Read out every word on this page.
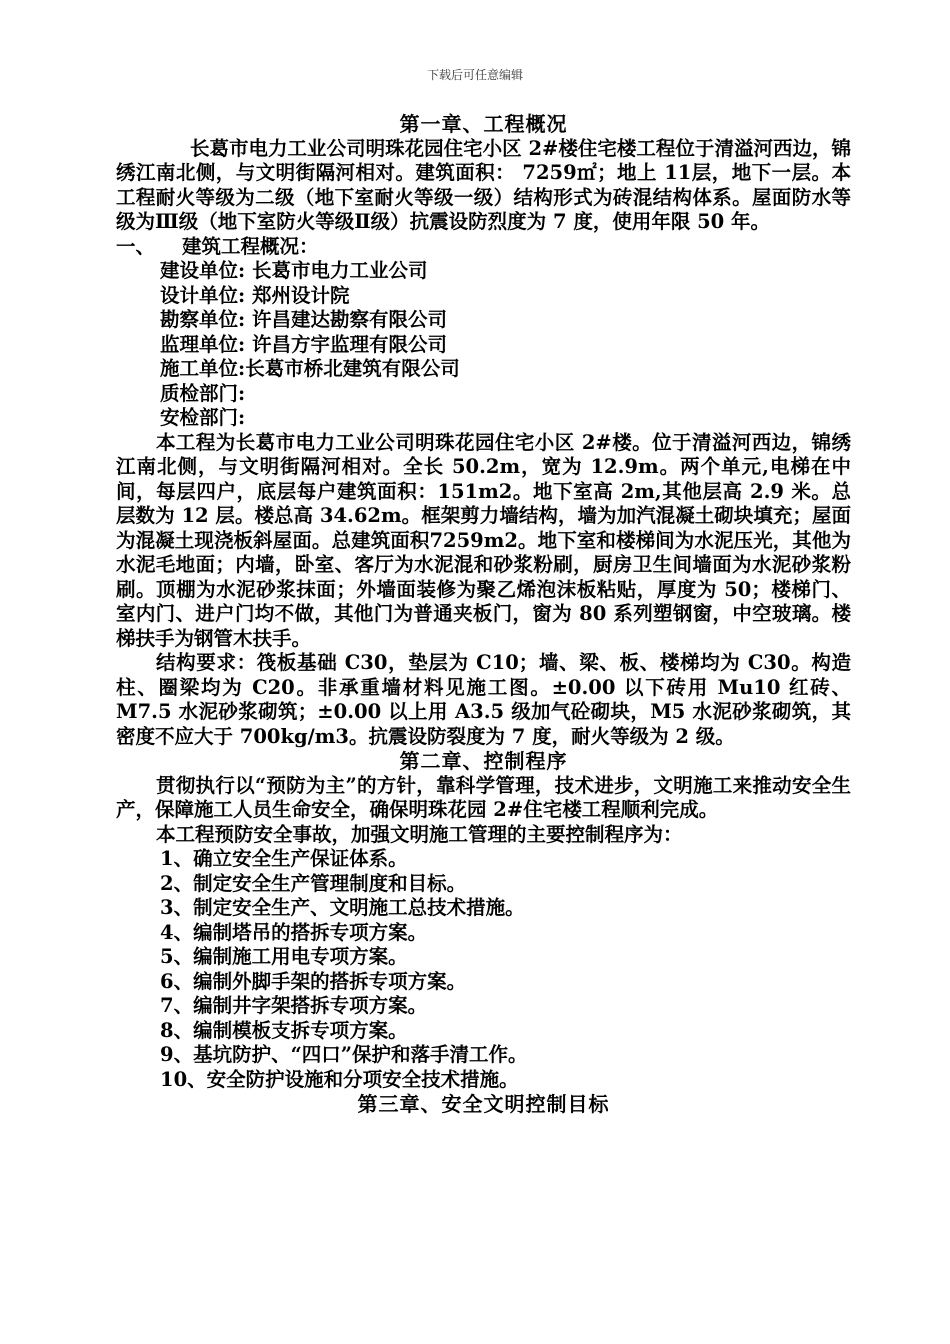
下载后可任意编辑
第一章、工程概况
长葛市电力工业公司明珠花园住宅小区 2#楼住宅楼工程位于清溢河西边，锦绣江南北侧，与文明街隔河相对。建筑面积： 7259㎡；地上 11层，地下一层。本工程耐火等级为二级（地下室耐火等级一级）结构形式为砖混结构体系。屋面防水等级为Ⅲ级（地下室防火等级Ⅱ级）抗震设防烈度为 7 度，使用年限 50 年。
一、	建筑工程概况：
建设单位: 长葛市电力工业公司
设计单位: 郑州设计院
勘察单位: 许昌建达勘察有限公司
监理单位: 许昌方宇监理有限公司
施工单位:长葛市桥北建筑有限公司
质检部门:
安检部门:
本工程为长葛市电力工业公司明珠花园住宅小区 2#楼。位于清溢河西边，锦绣江南北侧，与文明街隔河相对。全长 50.2m，宽为 12.9m。两个单元,电梯在中间，每层四户，底层每户建筑面积：151m2。地下室高 2m,其他层高 2.9 米。总层数为 12 层。楼总高 34.62m。框架剪力墙结构，墙为加汽混凝土砌块填充；屋面为混凝土现浇板斜屋面。总建筑面积7259m2。地下室和楼梯间为水泥压光，其他为水泥毛地面；内墙，卧室、客厅为水泥混和砂浆粉刷，厨房卫生间墙面为水泥砂浆粉刷。顶棚为水泥砂浆抹面；外墙面装修为聚乙烯泡沫板粘贴，厚度为 50；楼梯门、室内门、进户门均不做，其他门为普通夹板门，窗为 80 系列塑钢窗，中空玻璃。楼梯扶手为钢管木扶手。
结构要求：筏板基础 C30，垫层为 C10；墙、梁、板、楼梯均为 C30。构造柱、圈梁均为 C20。非承重墙材料见施工图。±0.00 以下砖用 Mu10 红砖、M7.5 水泥砂浆砌筑；±0.00 以上用 A3.5 级加气砼砌块，M5 水泥砂浆砌筑，其密度不应大于 700kg/m3。抗震设防裂度为 7 度，耐火等级为 2 级。
第二章、控制程序
贯彻执行以“预防为主”的方针，靠科学管理，技术进步，文明施工来推动安全生产，保障施工人员生命安全，确保明珠花园 2#住宅楼工程顺利完成。
本工程预防安全事故，加强文明施工管理的主要控制程序为：
1、确立安全生产保证体系。
2、制定安全生产管理制度和目标。
3、制定安全生产、文明施工总技术措施。
4、编制塔吊的搭拆专项方案。
5、编制施工用电专项方案。
6、编制外脚手架的搭拆专项方案。
7、编制井字架搭拆专项方案。
8、编制模板支拆专项方案。
9、基坑防护、“四口”保护和落手清工作。
10、安全防护设施和分项安全技术措施。
第三章、安全文明控制目标
